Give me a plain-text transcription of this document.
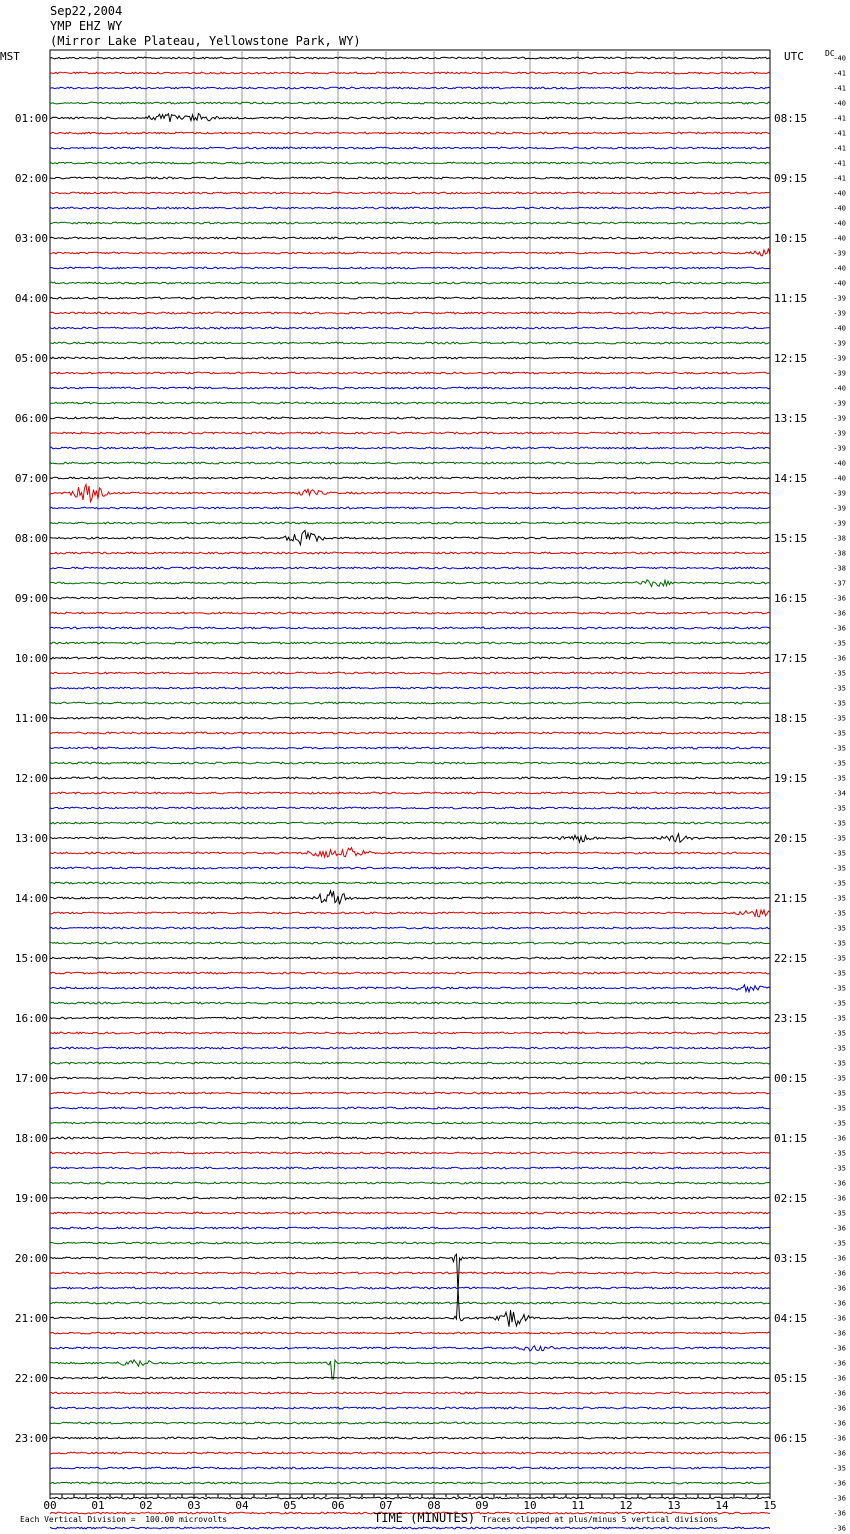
Sep22,2004
YMP EHZ WY
(Mirror Lake Plateau, Yellowstone Park, WY)
MST	UTC	DC
-40
-41
-41
-40
-41
-41
-41
-41
-41
-40
-40
-40
-40
-39
-40
-40
-39
-39
-40
-39
-39
-39
-40
-39
-39
-39
-39
-40
-40
-39
-39
-39
-38
-38
-38
-37
-36
-36
-36
-35
-36
-35
-35
-35
-35
-35
-35
-35
-35
-34
-35
-35
-35
-35
-35
-35
-35
-35
-35
-35
-35
-35
-35
-35
-35
-35
-35
-35
-35
-35
-35
-35
-36
-35
-35
-36
-36
-35
-36
-35
-36
-36
-36
-36
-36
-36
-36
-36
-36
-36
-36
-36
-36
-36
-35
-36
-36
-36
-36
01:00
02:00
03:00
04:00
05:00
06:00
07:00
08:00
09:00
10:00
11:00
12:00
13:00
14:00
15:00
16:00
17:00
18:00
19:00
20:00
21:00
22:00
23:00
08:15
09:15
10:15
11:15
12:15
13:15
14:15
15:15
16:15
17:15
18:15
19:15
20:15
21:15
22:15
23:15
00:15
01:15
02:15
03:15
04:15
05:15
06:15
00	01	02	03	04	05	06	07	08	09	10	11	12	13	14	15
TIME (MINUTES)
Each Vertical Division =  100.00 microvolts	Traces clipped at plus/minus 5 vertical divisions
